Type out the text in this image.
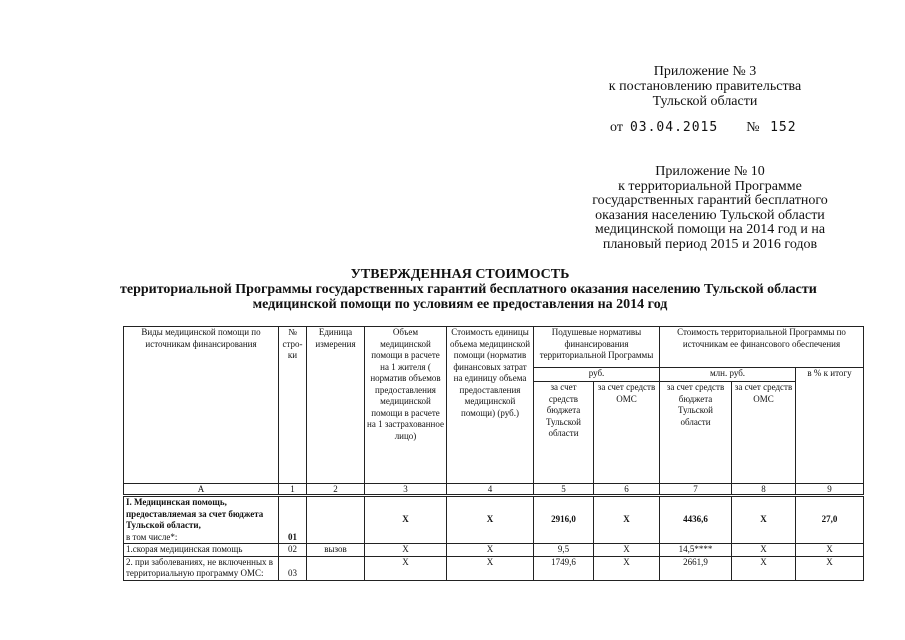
Приложение № 3
к постановлению правительства
Тульской области
от 03.04.2015 № 152
Приложение № 10
к территориальной Программе
государственных гарантий бесплатного
оказания населению Тульской области
медицинской помощи на 2014 год и на
плановый период 2015 и 2016 годов
УТВЕРЖДЕННАЯ СТОИМОСТЬ
территориальной Программы государственных гарантий бесплатного оказания населению Тульской области
медицинской помощи по условиям ее предоставления на 2014 год
Виды медицинской помощи по источникам финансирования	№ стро-ки	Единица измерения	Объем медицинской помощи в расчете на 1 жителя ( норматив объемов предоставления медицинской помощи в расчете на 1 застрахованное лицо)	Стоимость единицы объема медицинской помощи (норматив финансовых затрат на единицу объема предоставления медицинской помощи) (руб.)	Подушевые нормативы финансирования территориальной Программы		Стоимость территориальной Программы по источникам ее финансового обеспечения		
					руб.		млн. руб.		в % к итогу
					за счет средств бюджета Тульской области	за счет средств ОМС	за счет средств бюджета Тульской области	за счет средств ОМС	
А	1	2	3	4	5	6	7	8	9
I. Медицинская помощь, предоставляемая за счет бюджета Тульской области,
в том числе*:	01		Х	Х	2916,0	Х	4436,6	Х	27,0
1.скорая медицинская помощь	02	вызов	Х	Х	9,5	Х	14,5****	Х	Х
2. при заболеваниях, не включенных в территориальную программу ОМС:	03		Х	Х	1749,6	Х	2661,9	Х	Х
